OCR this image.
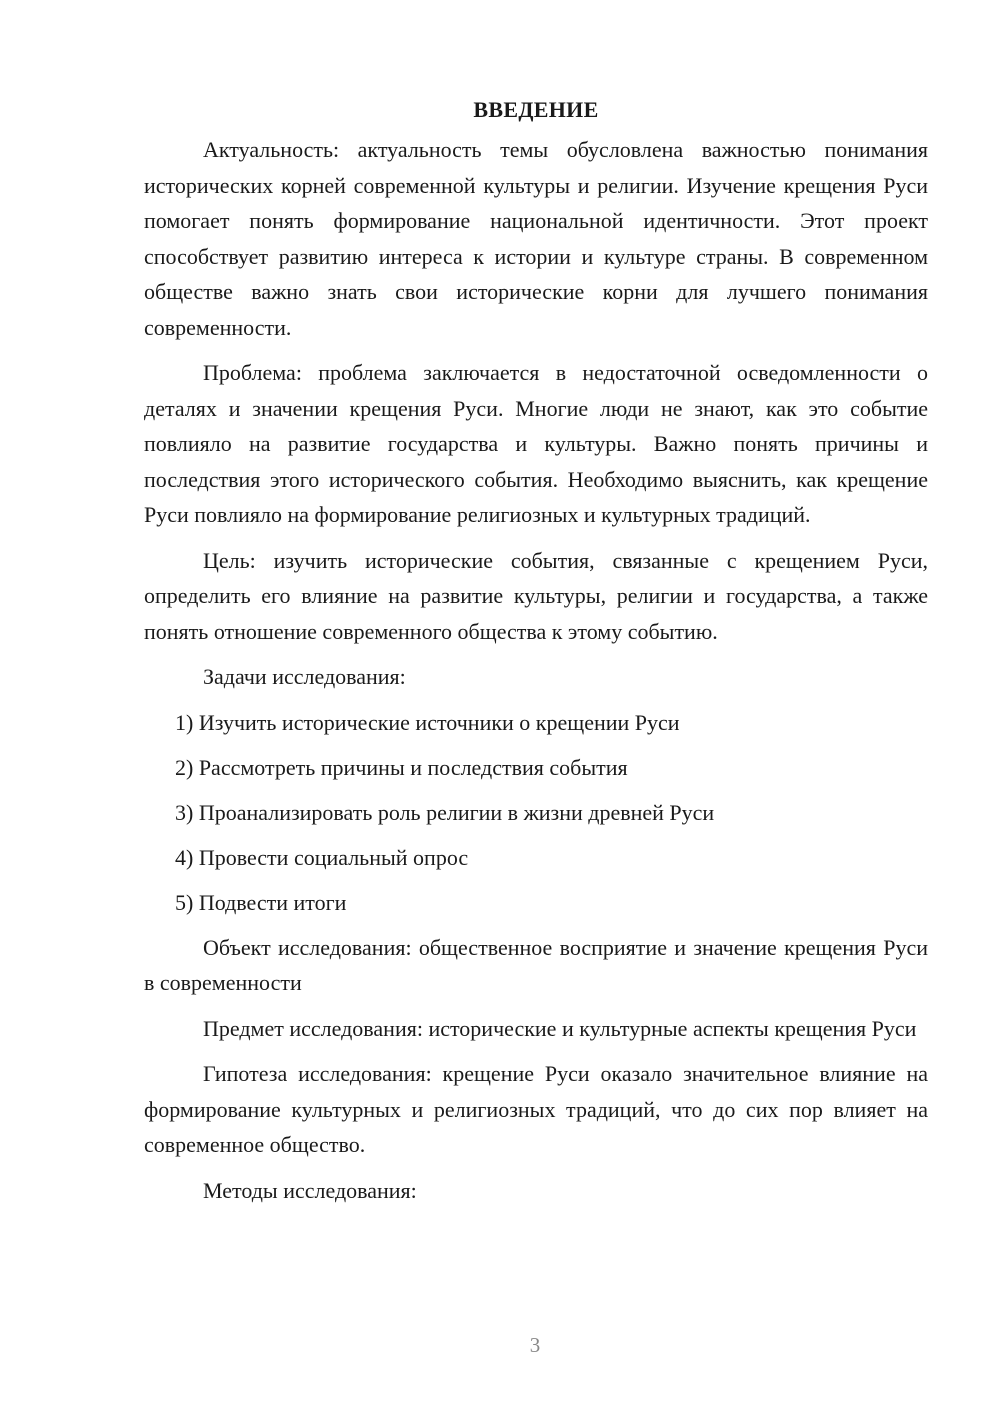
ВВЕДЕНИЕ

Актуальность: актуальность темы обусловлена важностью понимания исторических корней современной культуры и религии. Изучение крещения Руси помогает понять формирование национальной идентичности. Этот проект способствует развитию интереса к истории и культуре страны. В современном обществе важно знать свои исторические корни для лучшего понимания современности.

Проблема: проблема заключается в недостаточной осведомленности о деталях и значении крещения Руси. Многие люди не знают, как это событие повлияло на развитие государства и культуры. Важно понять причины и последствия этого исторического события. Необходимо выяснить, как крещение Руси повлияло на формирование религиозных и культурных традиций.

Цель: изучить исторические события, связанные с крещением Руси, определить его влияние на развитие культуры, религии и государства, а также понять отношение современного общества к этому событию.

Задачи исследования:

1) Изучить исторические источники о крещении Руси
2) Рассмотреть причины и последствия события
3) Проанализировать роль религии в жизни древней Руси
4) Провести социальный опрос
5) Подвести итоги

Объект исследования: общественное восприятие и значение крещения Руси в современности

Предмет исследования: исторические и культурные аспекты крещения Руси

Гипотеза исследования: крещение Руси оказало значительное влияние на формирование культурных и религиозных традиций, что до сих пор влияет на современное общество.

Методы исследования:

3
